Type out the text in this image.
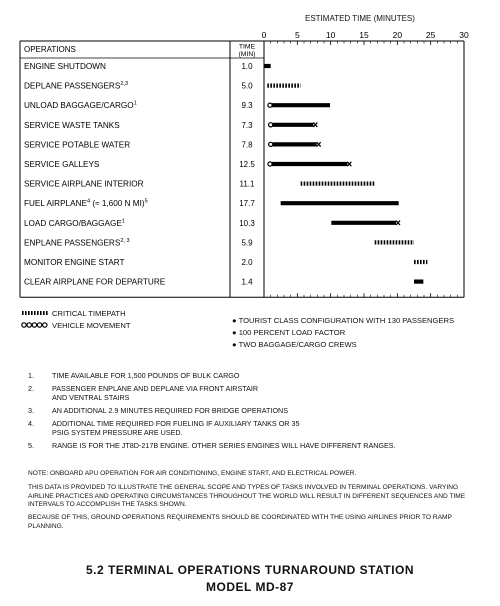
ESTIMATED TIME (MINUTES)
0	5	10	15	20	25	30
OPERATIONS	TIME
(MIN)
ENGINE SHUTDOWN	1.0
DEPLANE PASSENGERS$^{2,3}$	5.0
UNLOAD BAGGAGE/CARGO$^1$	9.3
SERVICE WASTE TANKS	7.3
SERVICE POTABLE WATER	7.8
SERVICE GALLEYS	12.5
SERVICE AIRPLANE INTERIOR	11.1
FUEL AIRPLANE$^4$ (≈ 1,600 N MI)$^5$	17.7
LOAD CARGO/BAGGAGE$^1$	10.3
ENPLANE PASSENGERS$^{2, 3}$	5.9
MONITOR ENGINE START	2.0
CLEAR AIRPLANE FOR DEPARTURE	1.4
CRITICAL TIMEPATH
VEHICLE MOVEMENT
● TOURIST CLASS CONFIGURATION WITH 130 PASSENGERS
● 100 PERCENT LOAD FACTOR
● TWO BAGGAGE/CARGO CREWS
1.	TIME AVAILABLE FOR 1,500 POUNDS OF BULK CARGO
2.	PASSENGER ENPLANE AND DEPLANE VIA FRONT AIRSTAIR AND VENTRAL STAIRS
3.	AN ADDITIONAL 2.9 MINUTES REQUIRED FOR BRIDGE OPERATIONS
4.	ADDITIONAL TIME REQUIRED FOR FUELING IF AUXILIARY TANKS OR 35 PSIG SYSTEM PRESSURE ARE USED.
5.	RANGE IS FOR THE JT8D-217B ENGINE. OTHER SERIES ENGINES WILL HAVE DIFFERENT RANGES.
NOTE: ONBOARD APU OPERATION FOR AIR CONDITIONING, ENGINE START, AND ELECTRICAL POWER.
THIS DATA IS PROVIDED TO ILLUSTRATE THE GENERAL SCOPE AND TYPES OF TASKS INVOLVED IN TERMINAL OPERATIONS. VARYING AIRLINE PRACTICES AND OPERATING CIRCUMSTANCES THROUGHOUT THE WORLD WILL RESULT IN DIFFERENT SEQUENCES AND TIME INTERVALS TO ACCOMPLISH THE TASKS SHOWN.
BECAUSE OF THIS, GROUND OPERATIONS REQUIREMENTS SHOULD BE COORDINATED WITH THE USING AIRLINES PRIOR TO RAMP PLANNING.
5.2 TERMINAL OPERATIONS TURNAROUND STATION
MODEL MD-87
